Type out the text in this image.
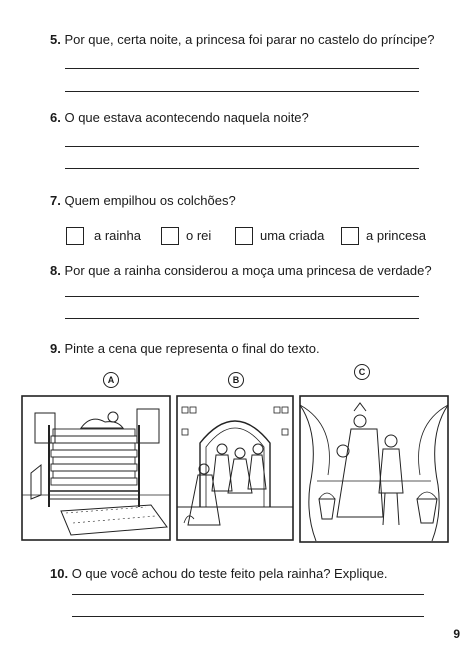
5. Por que, certa noite, a princesa foi parar no castelo do príncipe?
6. O que estava acontecendo naquela noite?
7. Quem empilhou os colchões?
a rainha	o rei	uma criada	a princesa
8. Por que a rainha considerou a moça uma princesa de verdade?
9. Pinte a cena que representa o final do texto.
A	B
C
10. O que você achou do teste feito pela rainha? Explique.
9
